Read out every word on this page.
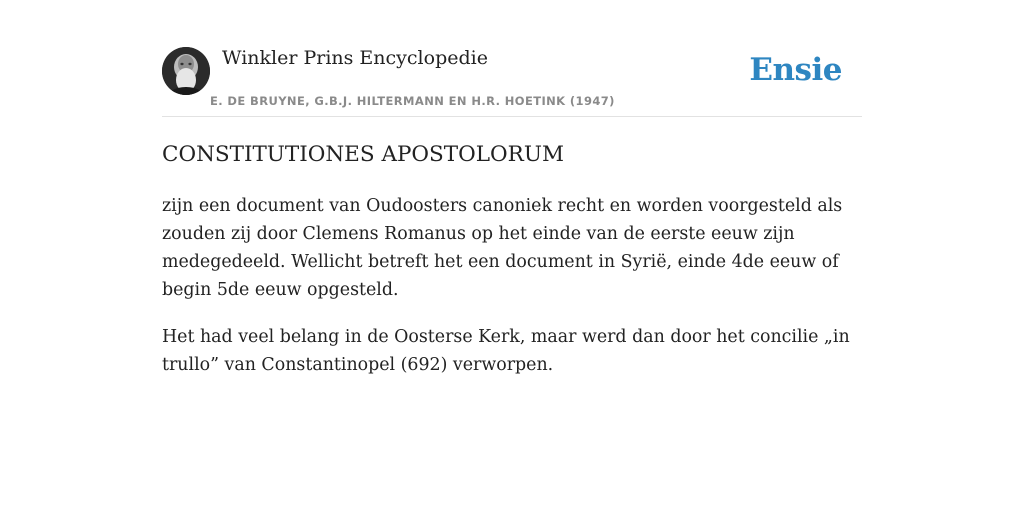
Winkler Prins Encyclopedie
E. DE BRUYNE, G.B.J. HILTERMANN EN H.R. HOETINK (1947)
Ensie
CONSTITUTIONES APOSTOLORUM

zijn een document van Oudoosters canoniek recht en worden voorgesteld als zouden zij door Clemens Romanus op het einde van de eerste eeuw zijn medegedeeld. Wellicht betreft het een document in Syrië, einde 4de eeuw of begin 5de eeuw opgesteld.

Het had veel belang in de Oosterse Kerk, maar werd dan door het concilie „in trullo” van Constantinopel (692) verworpen.
